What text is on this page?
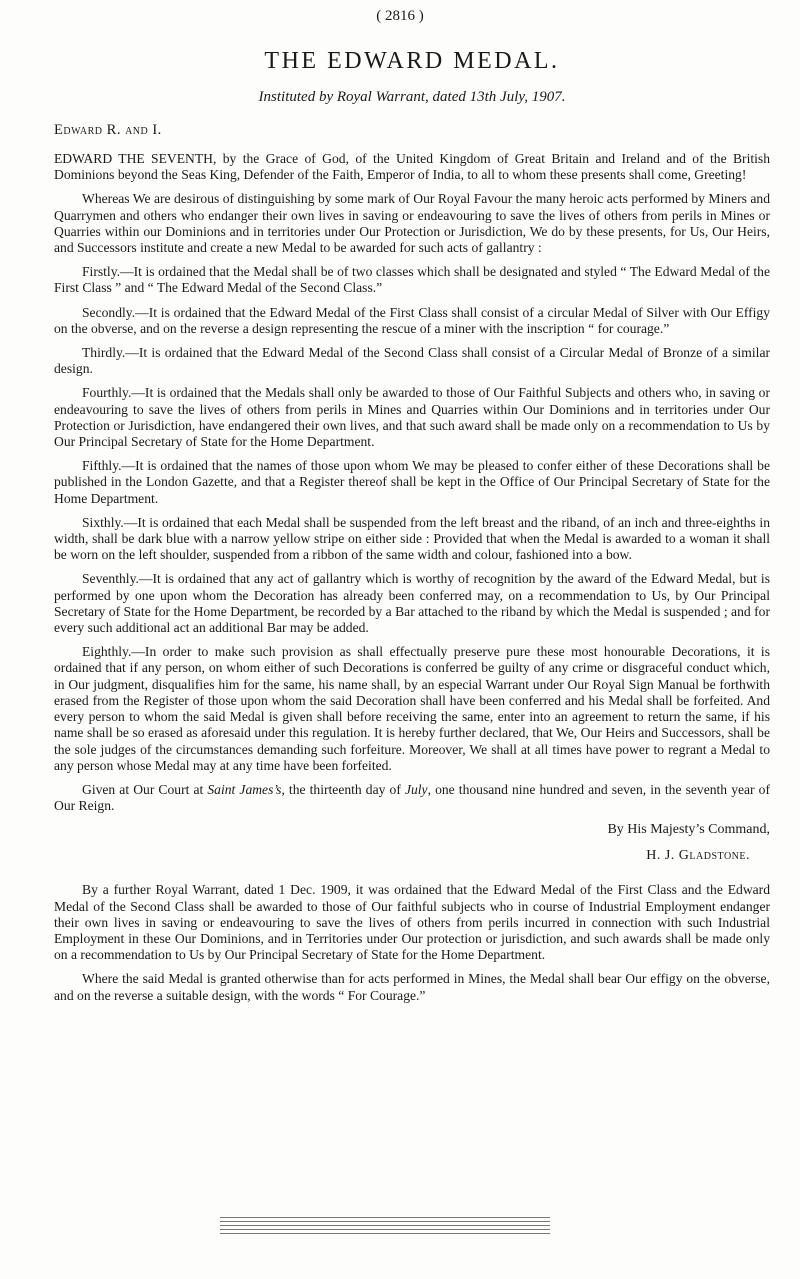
( 2816 )
THE EDWARD MEDAL.
Instituted by Royal Warrant, dated 13th July, 1907.
Edward R. and I.

EDWARD THE SEVENTH, by the Grace of God, of the United Kingdom of Great Britain and Ireland and of the British Dominions beyond the Seas King, Defender of the Faith, Emperor of India, to all to whom these presents shall come, Greeting!

Whereas We are desirous of distinguishing by some mark of Our Royal Favour the many heroic acts performed by Miners and Quarrymen and others who endanger their own lives in saving or endeavouring to save the lives of others from perils in Mines or Quarries within our Dominions and in territories under Our Protection or Jurisdiction, We do by these presents, for Us, Our Heirs, and Successors institute and create a new Medal to be awarded for such acts of gallantry :

Firstly.—It is ordained that the Medal shall be of two classes which shall be designated and styled “ The Edward Medal of the First Class ” and “ The Edward Medal of the Second Class.”

Secondly.—It is ordained that the Edward Medal of the First Class shall consist of a circular Medal of Silver with Our Effigy on the obverse, and on the reverse a design representing the rescue of a miner with the inscription “ for courage.”

Thirdly.—It is ordained that the Edward Medal of the Second Class shall consist of a Circular Medal of Bronze of a similar design.

Fourthly.—It is ordained that the Medals shall only be awarded to those of Our Faithful Subjects and others who, in saving or endeavouring to save the lives of others from perils in Mines and Quarries within Our Dominions and in territories under Our Protection or Jurisdiction, have endangered their own lives, and that such award shall be made only on a recommendation to Us by Our Principal Secretary of State for the Home Department.

Fifthly.—It is ordained that the names of those upon whom We may be pleased to confer either of these Decorations shall be published in the London Gazette, and that a Register thereof shall be kept in the Office of Our Principal Secretary of State for the Home Department.

Sixthly.—It is ordained that each Medal shall be suspended from the left breast and the riband, of an inch and three-eighths in width, shall be dark blue with a narrow yellow stripe on either side : Provided that when the Medal is awarded to a woman it shall be worn on the left shoulder, suspended from a ribbon of the same width and colour, fashioned into a bow.

Seventhly.—It is ordained that any act of gallantry which is worthy of recognition by the award of the Edward Medal, but is performed by one upon whom the Decoration has already been conferred may, on a recommendation to Us, by Our Principal Secretary of State for the Home Department, be recorded by a Bar attached to the riband by which the Medal is suspended ; and for every such additional act an additional Bar may be added.

Eighthly.—In order to make such provision as shall effectually preserve pure these most honourable Decorations, it is ordained that if any person, on whom either of such Decorations is conferred be guilty of any crime or disgraceful conduct which, in Our judgment, disqualifies him for the same, his name shall, by an especial Warrant under Our Royal Sign Manual be forthwith erased from the Register of those upon whom the said Decoration shall have been conferred and his Medal shall be forfeited. And every person to whom the said Medal is given shall before receiving the same, enter into an agreement to return the same, if his name shall be so erased as aforesaid under this regulation. It is hereby further declared, that We, Our Heirs and Successors, shall be the sole judges of the circumstances demanding such forfeiture. Moreover, We shall at all times have power to regrant a Medal to any person whose Medal may at any time have been forfeited.

Given at Our Court at Saint James’s, the thirteenth day of July, one thousand nine hundred and seven, in the seventh year of Our Reign.

By His Majesty’s Command,
H. J. Gladstone.

By a further Royal Warrant, dated 1 Dec. 1909, it was ordained that the Edward Medal of the First Class and the Edward Medal of the Second Class shall be awarded to those of Our faithful subjects who in course of Industrial Employment endanger their own lives in saving or endeavouring to save the lives of others from perils incurred in connection with such Industrial Employment in these Our Dominions, and in Territories under Our protection or jurisdiction, and such awards shall be made only on a recommendation to Us by Our Principal Secretary of State for the Home Department.

Where the said Medal is granted otherwise than for acts performed in Mines, the Medal shall bear Our effigy on the obverse, and on the reverse a suitable design, with the words “ For Courage.”
